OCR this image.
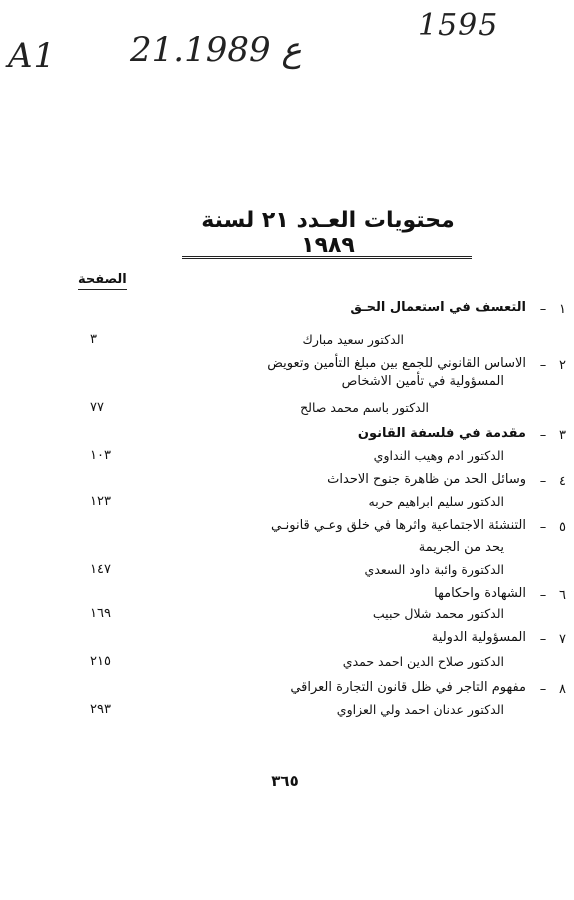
A1 21.ع 1989
1595
محتويات العـدد ٢١ لسنة ١٩٨٩
الصفحة
١
–
التعسف في استعمال الحـق
الدكتور سعيد مبارك
٣
٢
–
الاساس القانوني للجمع بين مبلغ التأمين وتعويض
المسؤولية في تأمين الاشخاص
الدكتور باسم محمد صالح
٧٧
٣
–
مقدمة في فلسفة القانون
الدكتور ادم وهيب النداوي
١٠٣
٤
–
وسائل الحد من ظاهرة جنوح الاحداث
الدكتور سليم ابراهيم حربه
١٢٣
٥
–
التنشئة الاجتماعية واثرها في خلق وعـي قانونـي
يحد من الجريمة
الدكتورة وائبة داود السعدي
١٤٧
٦
–
الشهادة واحكامها
الدكتور محمد شلال حبيب
١٦٩
٧
–
المسؤولية الدولية
الدكتور صلاح الدين احمد حمدي
٢١٥
٨
–
مفهوم التاجر في ظل قانون التجارة العراقي
الدكتور عدنان احمد ولي العزاوي
٢٩٣
٣٦٥
